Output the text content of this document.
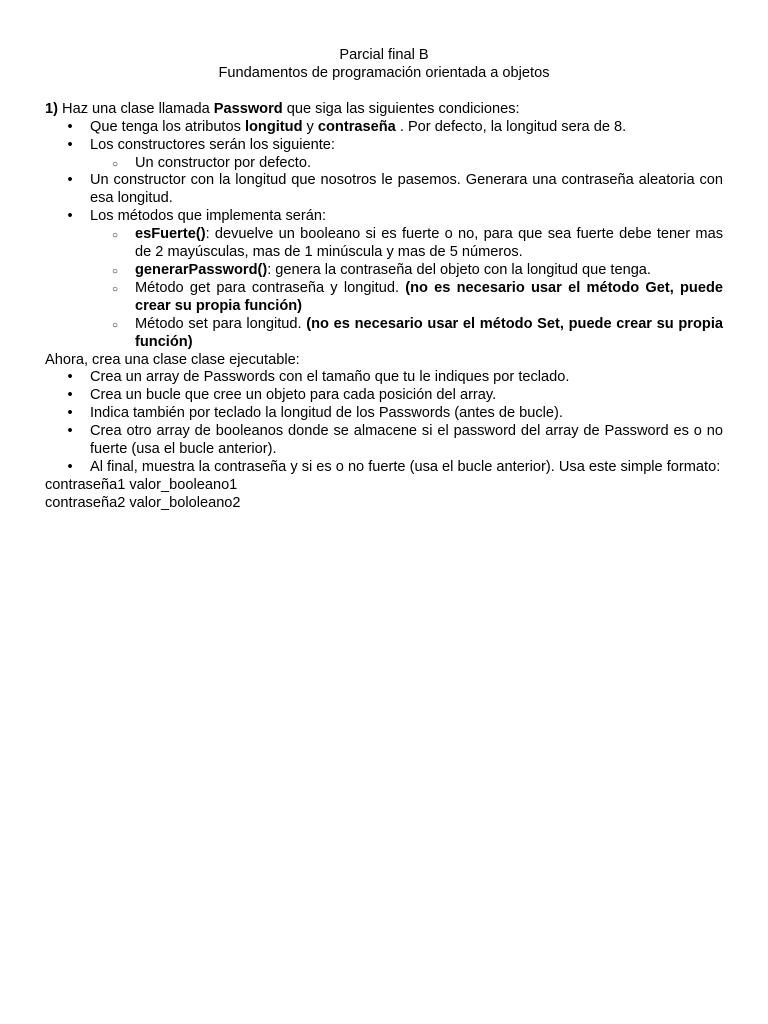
Parcial final B
Fundamentos de programación orientada a objetos
1) Haz una clase llamada Password que siga las siguientes condiciones:
• Que tenga los atributos longitud y contraseña . Por defecto, la longitud sera de 8.
• Los constructores serán los siguiente:
○ Un constructor por defecto.
• Un constructor con la longitud que nosotros le pasemos. Generara una contraseña aleatoria con esa longitud.
• Los métodos que implementa serán:
○ esFuerte(): devuelve un booleano si es fuerte o no, para que sea fuerte debe tener mas de 2 mayúsculas, mas de 1 minúscula y mas de 5 números.
○ generarPassword(): genera la contraseña del objeto con la longitud que tenga.
○ Método get para contraseña y longitud. (no es necesario usar el método Get, puede crear su propia función)
○ Método set para longitud. (no es necesario usar el método Set, puede crear su propia función)
Ahora, crea una clase clase ejecutable:
• Crea un array de Passwords con el tamaño que tu le indiques por teclado.
• Crea un bucle que cree un objeto para cada posición del array.
• Indica también por teclado la longitud de los Passwords (antes de bucle).
• Crea otro array de booleanos donde se almacene si el password del array de Password es o no fuerte (usa el bucle anterior).
• Al final, muestra la contraseña y si es o no fuerte (usa el bucle anterior). Usa este simple formato:
contraseña1 valor_booleano1
contraseña2 valor_bololeano2
